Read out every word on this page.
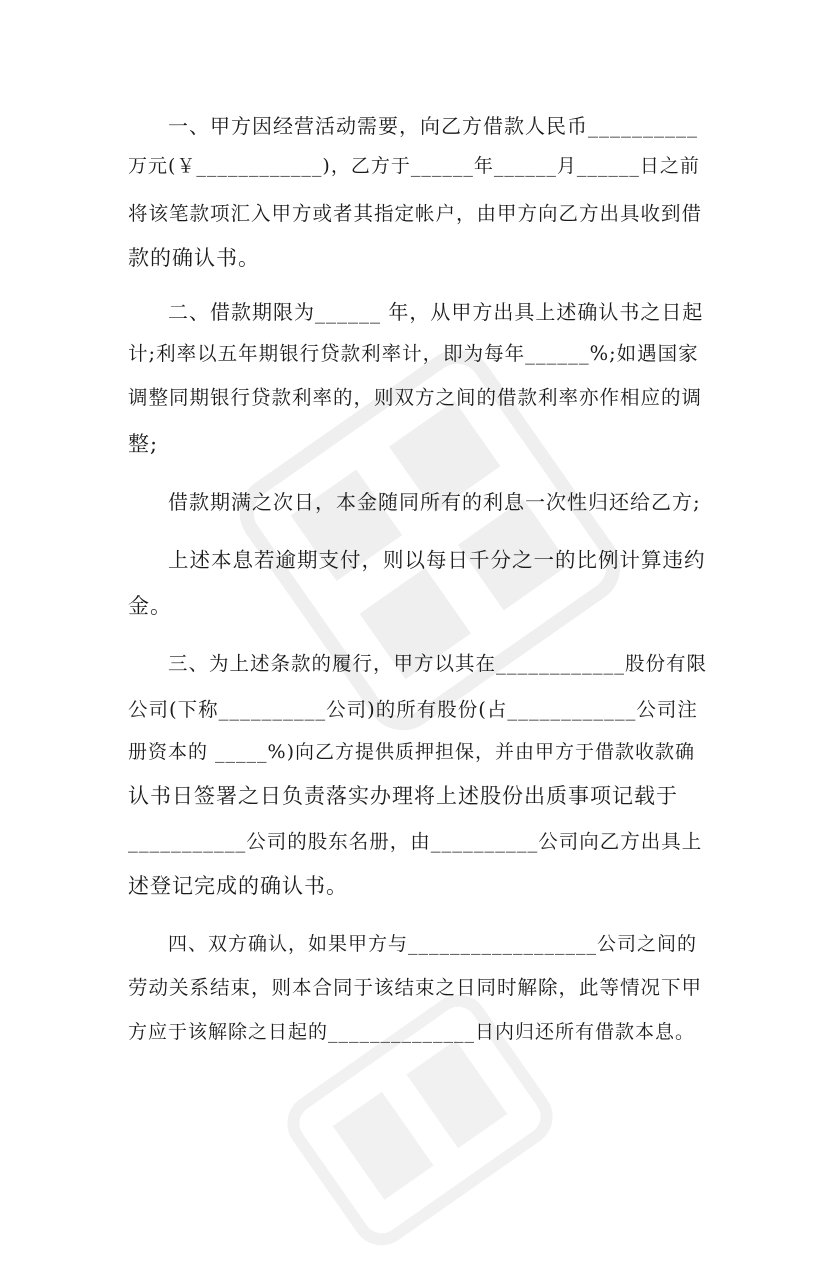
一、甲方因经营活动需要，向乙方借款人民币__________
万元(￥____________)，乙方于______年______月______日之前
将该笔款项汇入甲方或者其指定帐户，由甲方向乙方出具收到借
款的确认书。
二、借款期限为______ 年，从甲方出具上述确认书之日起
计;利率以五年期银行贷款利率计，即为每年______%;如遇国家
调整同期银行贷款利率的，则双方之间的借款利率亦作相应的调
整;
借款期满之次日，本金随同所有的利息一次性归还给乙方;
上述本息若逾期支付，则以每日千分之一的比例计算违约
金。
三、为上述条款的履行，甲方以其在____________股份有限
公司(下称__________公司)的所有股份(占____________公司注
册资本的 _____%)向乙方提供质押担保，并由甲方于借款收款确
认书日签署之日负责落实办理将上述股份出质事项记载于
___________公司的股东名册，由__________公司向乙方出具上
述登记完成的确认书。
四、双方确认，如果甲方与__________________公司之间的
劳动关系结束，则本合同于该结束之日同时解除，此等情况下甲
方应于该解除之日起的______________日内归还所有借款本息。
